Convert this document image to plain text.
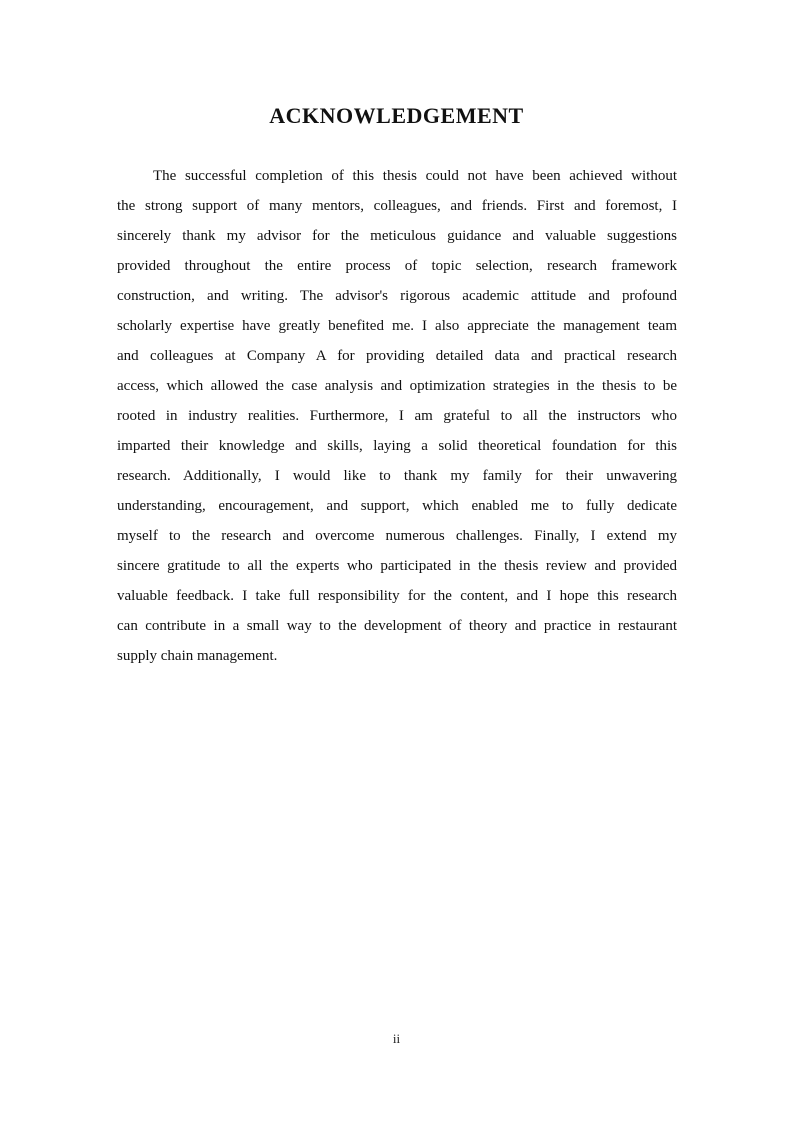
ACKNOWLEDGEMENT
The successful completion of this thesis could not have been achieved without
the strong support of many mentors, colleagues, and friends. First and foremost, I
sincerely thank my advisor for the meticulous guidance and valuable suggestions
provided throughout the entire process of topic selection, research framework
construction, and writing. The advisor's rigorous academic attitude and profound
scholarly expertise have greatly benefited me. I also appreciate the management team
and colleagues at Company A for providing detailed data and practical research
access, which allowed the case analysis and optimization strategies in the thesis to be
rooted in industry realities. Furthermore, I am grateful to all the instructors who
imparted their knowledge and skills, laying a solid theoretical foundation for this
research. Additionally, I would like to thank my family for their unwavering
understanding, encouragement, and support, which enabled me to fully dedicate
myself to the research and overcome numerous challenges. Finally, I extend my
sincere gratitude to all the experts who participated in the thesis review and provided
valuable feedback. I take full responsibility for the content, and I hope this research
can contribute in a small way to the development of theory and practice in restaurant
supply chain management.
ii
